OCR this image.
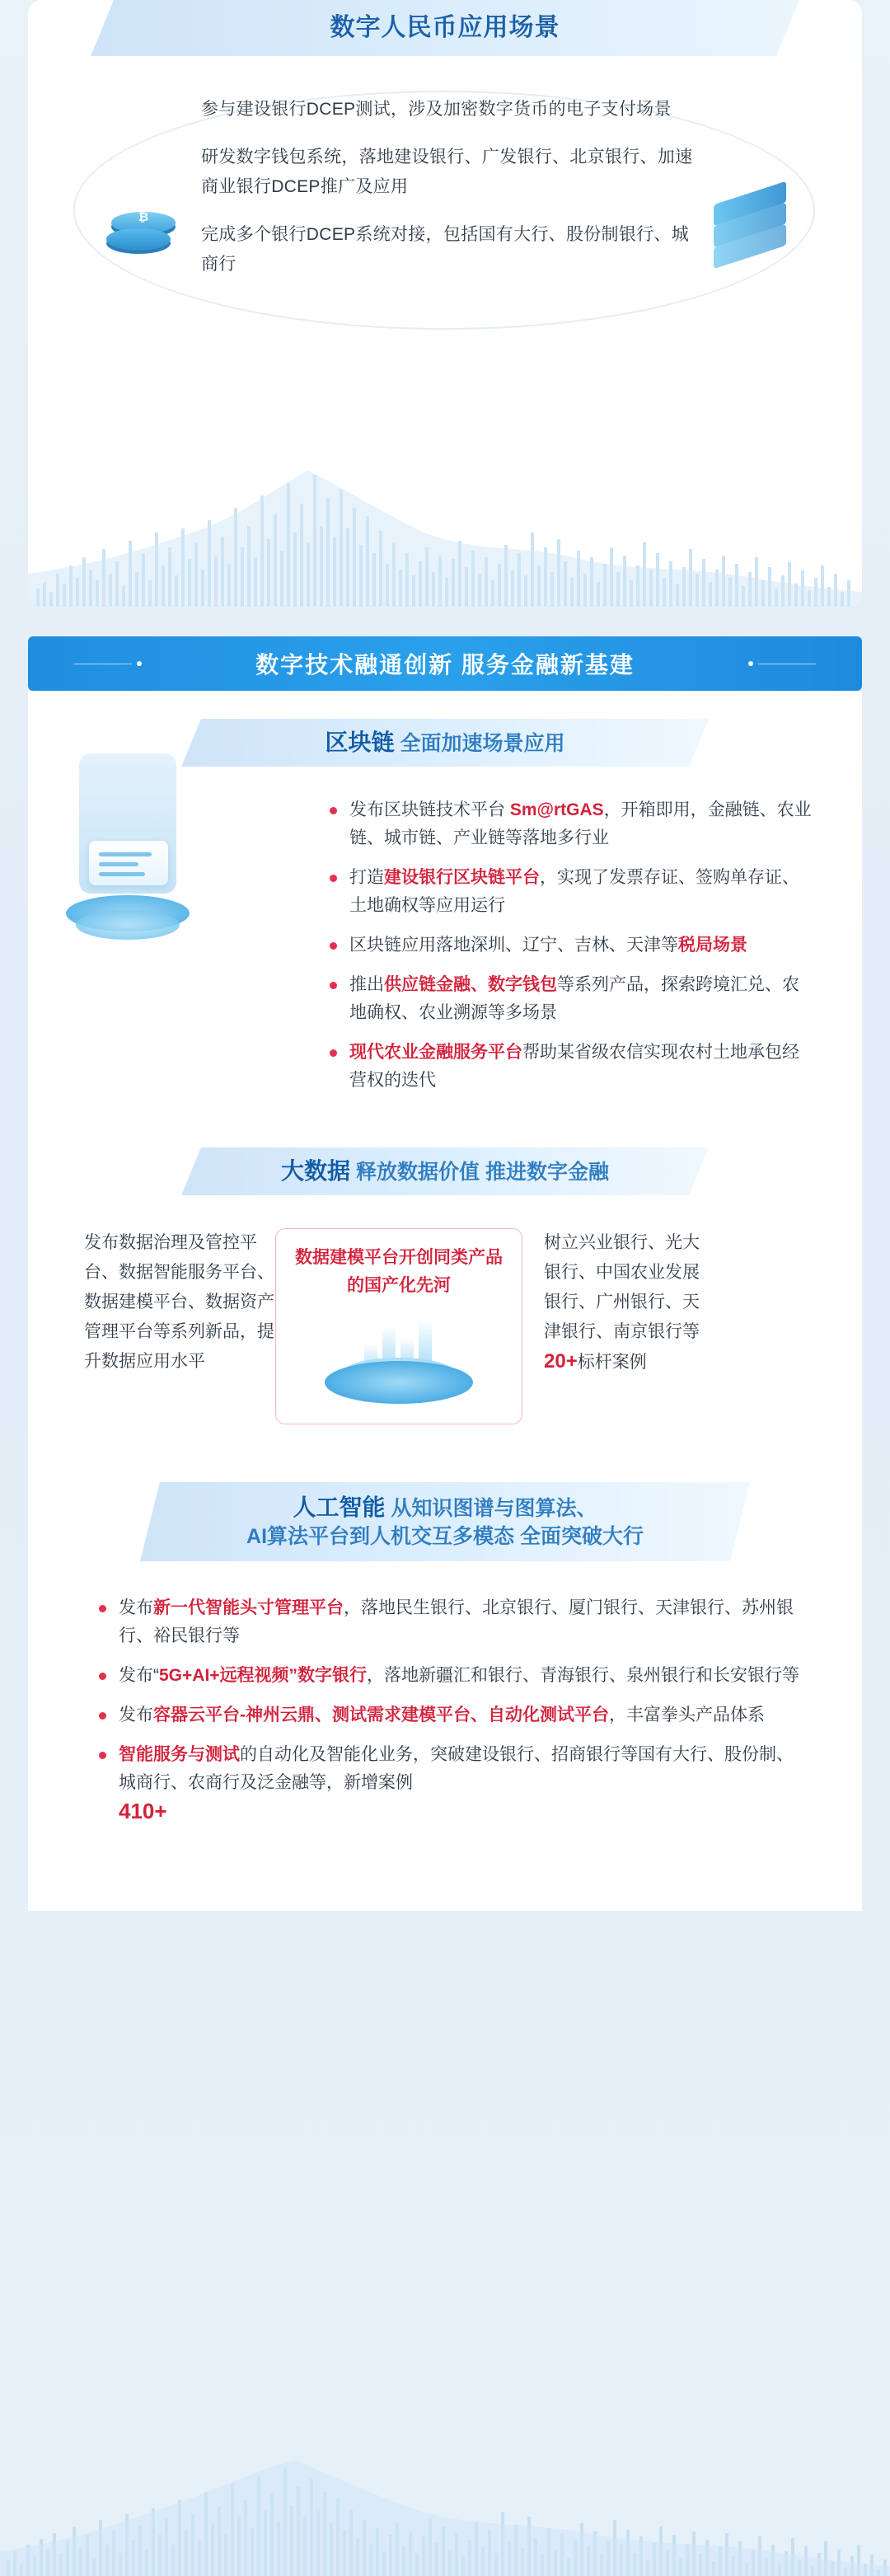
数字人民币应用场景
₿
参与建设银行DCEP测试，涉及加密数字货币的电子支付场景
研发数字钱包系统，落地建设银行、广发银行、北京银行、加速商业银行DCEP推广及应用
完成多个银行DCEP系统对接，包括国有大行、股份制银行、城商行
数字技术融通创新 服务金融新基建
区块链 全面加速场景应用
发布区块链技术平台 Sm@rtGAS，开箱即用，金融链、农业链、城市链、产业链等落地多行业
打造建设银行区块链平台，实现了发票存证、签购单存证、土地确权等应用运行
区块链应用落地深圳、辽宁、吉林、天津等税局场景
推出供应链金融、数字钱包等系列产品，探索跨境汇兑、农地确权、农业溯源等多场景
现代农业金融服务平台帮助某省级农信实现农村土地承包经营权的迭代
大数据 释放数据价值 推进数字金融
发布数据治理及管控平台、数据智能服务平台、数据建模平台、数据资产管理平台等系列新品，提升数据应用水平
数据建模平台开创同类产品的国产化先河
树立兴业银行、光大银行、中国农业发展银行、广州银行、天津银行、南京银行等20+标杆案例
人工智能 从知识图谱与图算法、
AI算法平台到人机交互多模态 全面突破大行
发布新一代智能头寸管理平台，落地民生银行、北京银行、厦门银行、天津银行、苏州银行、裕民银行等
发布“5G+AI+远程视频”数字银行，落地新疆汇和银行、青海银行、泉州银行和长安银行等
发布容器云平台-神州云鼎、测试需求建模平台、自动化测试平台，丰富拳头产品体系
智能服务与测试的自动化及智能化业务，突破建设银行、招商银行等国有大行、股份制、城商行、农商行及泛金融等，新增案例
410+
